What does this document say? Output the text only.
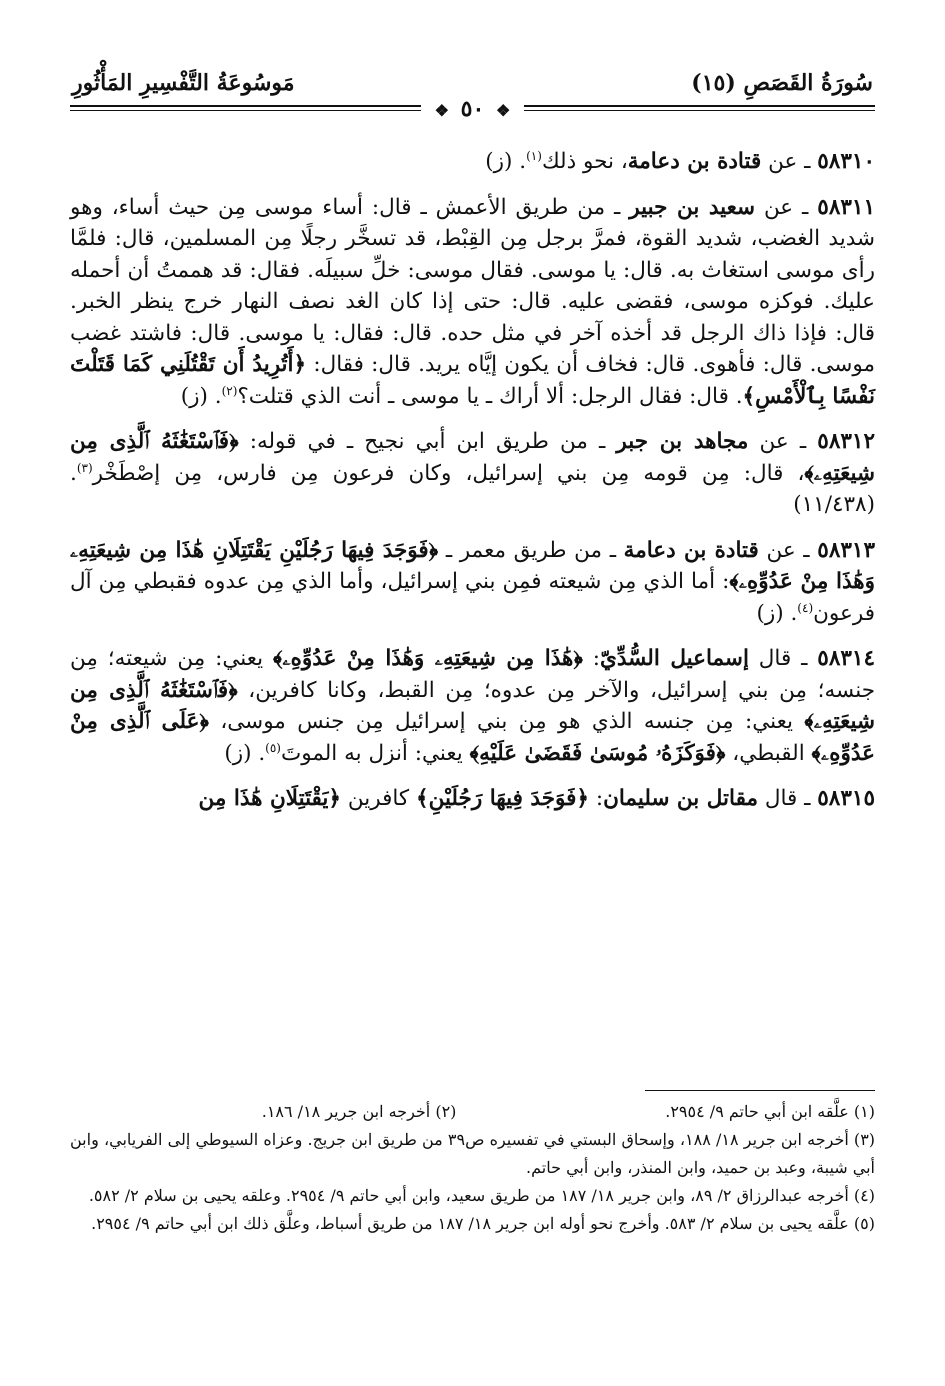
سُورَةُ القَصَصِ (١٥)
مَوسُوعَةُ التَّفْسِيرِ المَأْثُورِ
❖ ٥٠ ❖

٥٨٣١٠ ـ عن قتادة بن دعامة، نحو ذلك$^{(١)}$. (ز)

٥٨٣١١ ـ عن سعيد بن جبير ـ من طريق الأعمش ـ قال: أساء موسى مِن حيث أساء، وهو شديد الغضب، شديد القوة، فمرَّ برجل مِن القِبْط، قد تسخَّر رجلًا مِن المسلمين، قال: فلمَّا رأى موسى استغاث به. قال: يا موسى. فقال موسى: خلِّ سبيلَه. فقال: قد هممتُ أن أحمله عليك. فوكزه موسى، فقضى عليه. قال: حتى إذا كان الغد نصف النهار خرج ينظر الخبر. قال: فإذا ذاك الرجل قد أخذه آخر في مثل حده. قال: فقال: يا موسى. قال: فاشتد غضب موسى. قال: فأهوى. قال: فخاف أن يكون إيَّاه يريد. قال: فقال: ﴿أَتُرِيدُ أَن تَقْتُلَنِي كَمَا قَتَلْتَ نَفْسًا بِٱلْأَمْسِ﴾. قال: فقال الرجل: ألا أراك ـ يا موسى ـ أنت الذي قتلت؟$^{(٢)}$. (ز)

٥٨٣١٢ ـ عن مجاهد بن جبر ـ من طريق ابن أبي نجيح ـ في قوله: ﴿فَٱسْتَغَٰثَهُ ٱلَّذِى مِن شِيعَتِهِۦ﴾، قال: مِن قومه مِن بني إسرائيل، وكان فرعون مِن فارس، مِن إصْطَخْر$^{(٣)}$. (١١/٤٣٨)

٥٨٣١٣ ـ عن قتادة بن دعامة ـ من طريق معمر ـ ﴿فَوَجَدَ فِيهَا رَجُلَيْنِ يَقْتَتِلَانِ هَٰذَا مِن شِيعَتِهِۦ وَهَٰذَا مِنْ عَدُوِّهِۦ﴾: أما الذي مِن شيعته فمِن بني إسرائيل، وأما الذي مِن عدوه فقبطي مِن آل فرعون$^{(٤)}$. (ز)

٥٨٣١٤ ـ قال إسماعيل السُّدِّيّ: ﴿هَٰذَا مِن شِيعَتِهِۦ وَهَٰذَا مِنْ عَدُوِّهِۦ﴾ يعني: مِن شيعته؛ مِن جنسه؛ مِن بني إسرائيل، والآخر مِن عدوه؛ مِن القبط، وكانا كافرين، ﴿فَٱسْتَغَٰثَهُ ٱلَّذِى مِن شِيعَتِهِۦ﴾ يعني: مِن جنسه الذي هو مِن بني إسرائيل مِن جنس موسى، ﴿عَلَى ٱلَّذِى مِنْ عَدُوِّهِۦ﴾ القبطي، ﴿فَوَكَزَهُۥ مُوسَىٰ فَقَضَىٰ عَلَيْهِ﴾ يعني: أنزل به الموتَ$^{(٥)}$. (ز)

٥٨٣١٥ ـ قال مقاتل بن سليمان: ﴿فَوَجَدَ فِيهَا رَجُلَيْنِ﴾ كافرين ﴿يَقْتَتِلَانِ هَٰذَا مِن

(١) علَّقه ابن أبي حاتم ٩/ ٢٩٥٤.
(٢) أخرجه ابن جرير ١٨/ ١٨٦.

(٣) أخرجه ابن جرير ١٨/ ١٨٨، وإسحاق البستي في تفسيره ص٣٩ من طريق ابن جريج. وعزاه السيوطي إلى الفريابي، وابن أبي شيبة، وعبد بن حميد، وابن المنذر، وابن أبي حاتم.

(٤) أخرجه عبدالرزاق ٢/ ٨٩، وابن جرير ١٨/ ١٨٧ من طريق سعيد، وابن أبي حاتم ٩/ ٢٩٥٤. وعلقه يحيى بن سلام ٢/ ٥٨٢.

(٥) علَّقه يحيى بن سلام ٢/ ٥٨٣. وأخرج نحو أوله ابن جرير ١٨/ ١٨٧ من طريق أسباط، وعلَّق ذلك ابن أبي حاتم ٩/ ٢٩٥٤.
